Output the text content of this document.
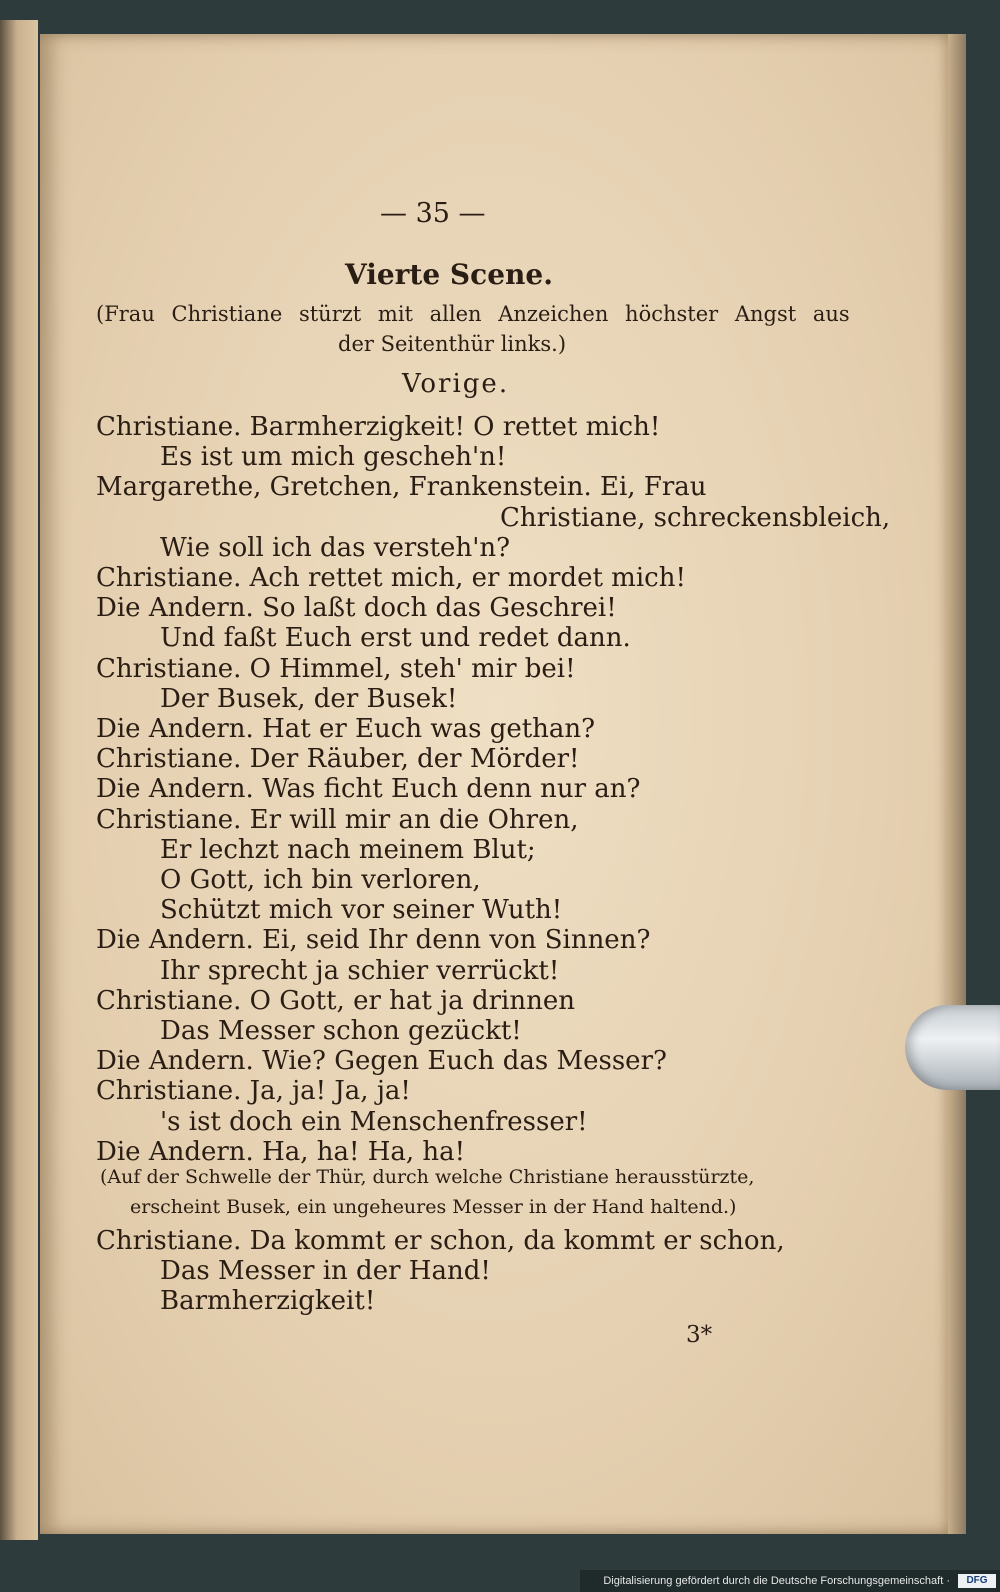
— 35 —
Vierte Scene.
(Frau Christiane stürzt mit allen Anzeichen höchster Angst aus
der Seitenthür links.)
Vorige.
Christiane. Barmherzigkeit! O rettet mich!
Es ist um mich gescheh'n!
Margarethe, Gretchen, Frankenstein. Ei, Frau
Christiane, schreckensbleich,
Wie soll ich das versteh'n?
Christiane. Ach rettet mich, er mordet mich!
Die Andern. So laßt doch das Geschrei!
Und faßt Euch erst und redet dann.
Christiane. O Himmel, steh' mir bei!
Der Busek, der Busek!
Die Andern. Hat er Euch was gethan?
Christiane. Der Räuber, der Mörder!
Die Andern. Was ficht Euch denn nur an?
Christiane. Er will mir an die Ohren,
Er lechzt nach meinem Blut;
O Gott, ich bin verloren,
Schützt mich vor seiner Wuth!
Die Andern. Ei, seid Ihr denn von Sinnen?
Ihr sprecht ja schier verrückt!
Christiane. O Gott, er hat ja drinnen
Das Messer schon gezückt!
Die Andern. Wie? Gegen Euch das Messer?
Christiane. Ja, ja! Ja, ja!
's ist doch ein Menschenfresser!
Die Andern. Ha, ha! Ha, ha!
(Auf der Schwelle der Thür, durch welche Christiane herausstürzte,
erscheint Busek, ein ungeheures Messer in der Hand haltend.)
Christiane. Da kommt er schon, da kommt er schon,
Das Messer in der Hand!
Barmherzigkeit!
3*
Digitalisierung gefördert durch die Deutsche Forschungsgemeinschaft ·	DFG
